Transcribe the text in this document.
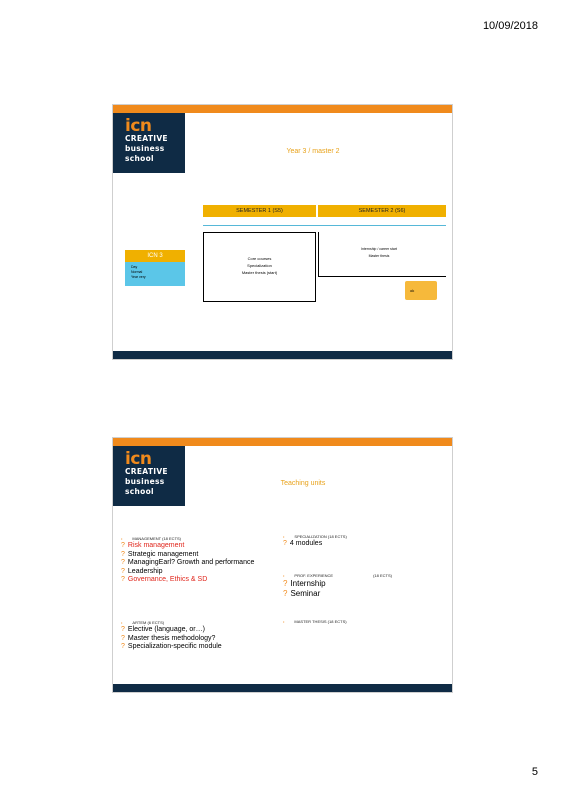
10/09/2018
icn
CREATIVE
business
school
Year 3 / master 2
SEMESTER 1 (S5)	SEMESTER 2 (S6)
ICN 3
Day
Normal
Year very
Core courses
Specialization
Master thesis (start)
Internship / career start
Master thesis
ok
icn
CREATIVE
business
school
Teaching units
•	MANAGEMENT (18 ECTS)
? Risk management
? Strategic management
? ManagingEarl? Growth and performance
? Leadership
? Governance, Ethics & SD
•	ARTEM (6 ECTS)
? Elective (language, or…)
? Master thesis methodology?
? Specialization-specific module
•	SPECIALIZATION (18 ECTS)
? 4 modules
•	PROF. EXPERIENCE	(18 ECTS)
? Internship
? Seminar
•	MASTER THESIS (18 ECTS)
5
